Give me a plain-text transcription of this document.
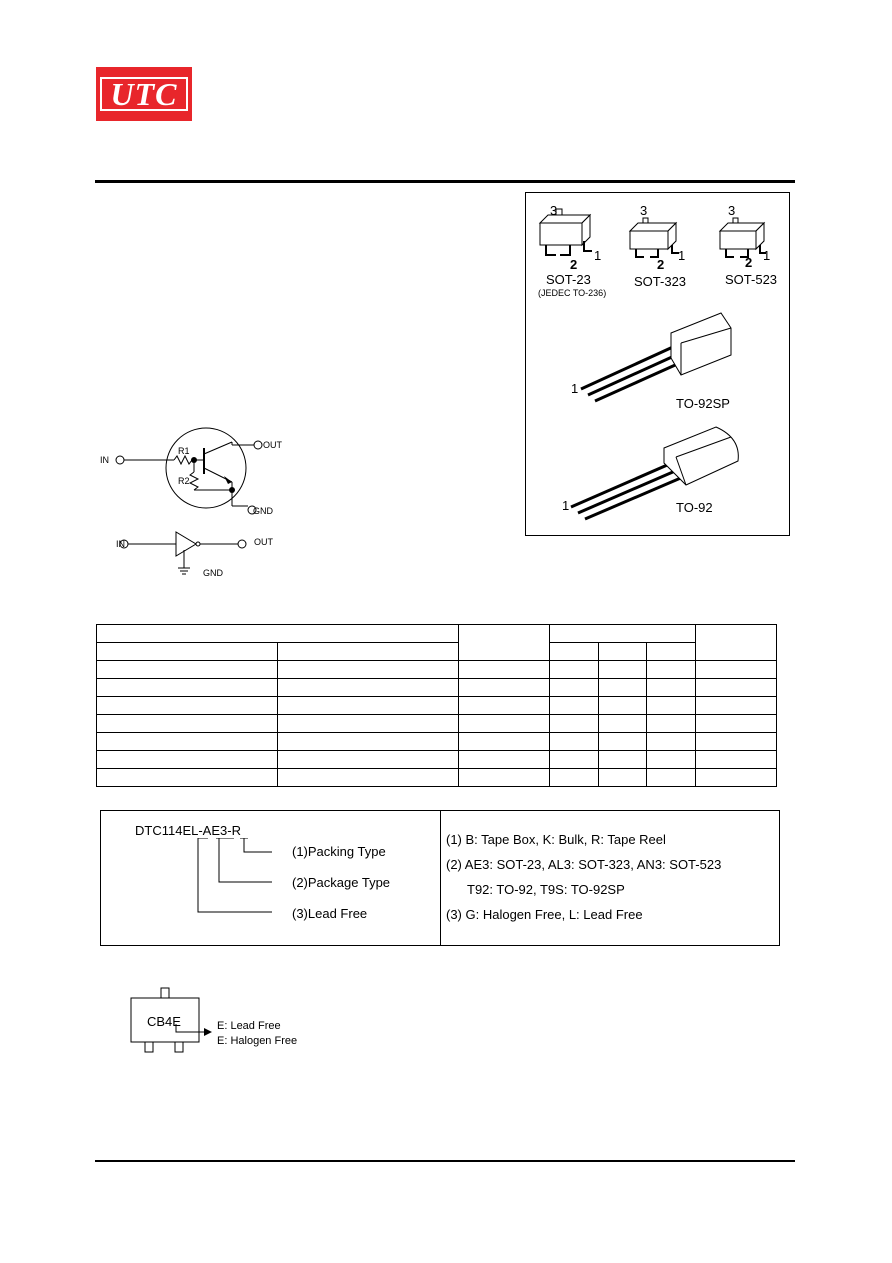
UTC
3
2
1
SOT-23
(JEDEC TO-236)
3
2
1
SOT-323
3
2 1
SOT-523
1
TO-92SP
1	TO-92
IN
OUT
GND
R1
R2
IN	OUT
GND

DTC114EL-AE3-R
(1)Packing Type
(2)Package Type
(3)Lead Free
(1) B: Tape Box, K: Bulk, R: Tape Reel
(2) AE3: SOT-23, AL3: SOT-323, AN3: SOT-523
T92: TO-92, T9S: TO-92SP
(3) G: Halogen Free, L: Lead Free
CB4E	E: Lead Free
E: Halogen Free
